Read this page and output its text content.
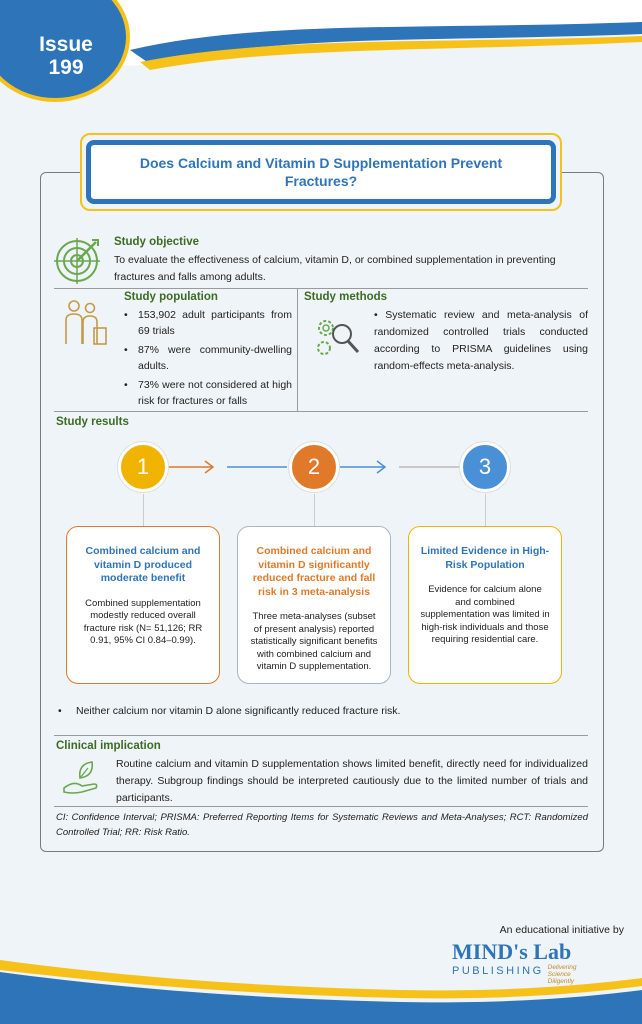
Issue
199
Does Calcium and Vitamin D Supplementation Prevent Fractures?
Study objective
To evaluate the effectiveness of calcium, vitamin D, or combined supplementation in preventing fractures and falls among adults.
Study population
• 153,902 adult participants from 69 trials
• 87% were community-dwelling adults.
• 73% were not considered at high risk for fractures or falls
Study methods
• Systematic review and meta-analysis of randomized controlled trials conducted according to PRISMA guidelines using random-effects meta-analysis.
Study results
1	2	3
Combined calcium and vitamin D produced moderate benefit
Combined supplementation modestly reduced overall fracture risk (N= 51,126; RR 0.91, 95% CI 0.84–0.99).
Combined calcium and vitamin D significantly reduced fracture and fall risk in 3 meta-analysis
Three meta-analyses (subset of present analysis) reported statistically significant benefits with combined calcium and vitamin D supplementation.
Limited Evidence in High-Risk Population
Evidence for calcium alone and combined supplementation was limited in high-risk individuals and those requiring residential care.
• Neither calcium nor vitamin D alone significantly reduced fracture risk.
Clinical implication
Routine calcium and vitamin D supplementation shows limited benefit, directly need for individualized therapy. Subgroup findings should be interpreted cautiously due to the limited number of trials and participants.
CI: Confidence Interval; PRISMA: Preferred Reporting Items for Systematic Reviews and Meta-Analyses; RCT: Randomized Controlled Trial; RR: Risk Ratio.
An educational initiative by
MIND's Lab
PUBLISHING Delivering
Science
Diligently
